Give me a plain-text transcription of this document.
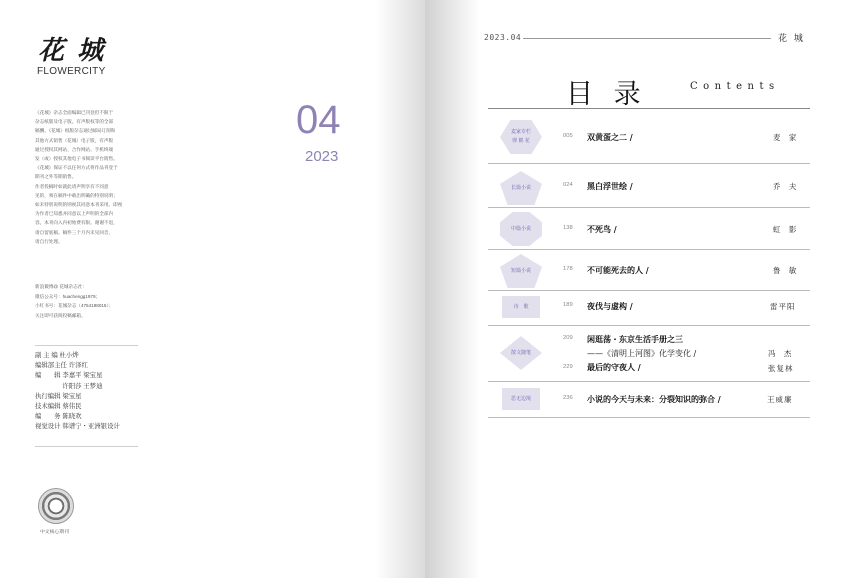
花 城
FLOWERCITY
《花城》杂志全面编辑已刊登但不限于
杂志纸版及电子版。有声版权等的全部
稿酬。《花城》纸版杂志通过邮局订阅和
其他方式销售（花城）电子版，有声版
通过授权其网站、合作网站、手机终端
发（或）授权其他电子书阅读平台销售。
《花城》保证不以任何方式将作品刊登于
期刊之外等期销售。
作者投稿时如就此请声明享有不同意
见的，须在稿件中载出明确的特别说明；
如未特别说明的则视其同意本刊采用。即视
为作者已知悉并同意以上声明的全部内
容。本刊向入内初始费有限。谢谢不退，
请自留底稿。稿件三个月内未见回音，
请自行处理。
新浪微博@ 花城杂志社：
微信公众号：huachengg1979；
小红书号：花城杂志（4754188015）；
关注即可获阅投稿邮箱。
副 主 编 杜小烨
编辑部主任 许泽红
编　　辑 李嘉平 梁宝星
　　　　 许阳莎 王梦迪
执行编辑 梁宝星
技术编辑 蔡伟民
编　　务 陈晓欢
视觉设计 韩谱宁・亚洲银设计
04
2023
中文核心期刊
2023.04	花 城
目 录	Contents
麦家专栏
弹 棉 花
005 双黄蛋之二 /	麦 家
长篇小说	024 黑白浮世绘 /	乔 夫
中篇小说	138 不死鸟 /	虹 影
短篇小说	178 不可能死去的人 /	鲁 敏
诗　歌	189 夜伐与虚构 /	雷平阳
散文随笔
209 闲逛荡・东京生活手册之三
——《清明上河图》化学变化 /	冯 杰
229 最后的守夜人 /	张复林
思无边境	236 小说的今天与未来：分裂知识的弥合 /	王威廉
